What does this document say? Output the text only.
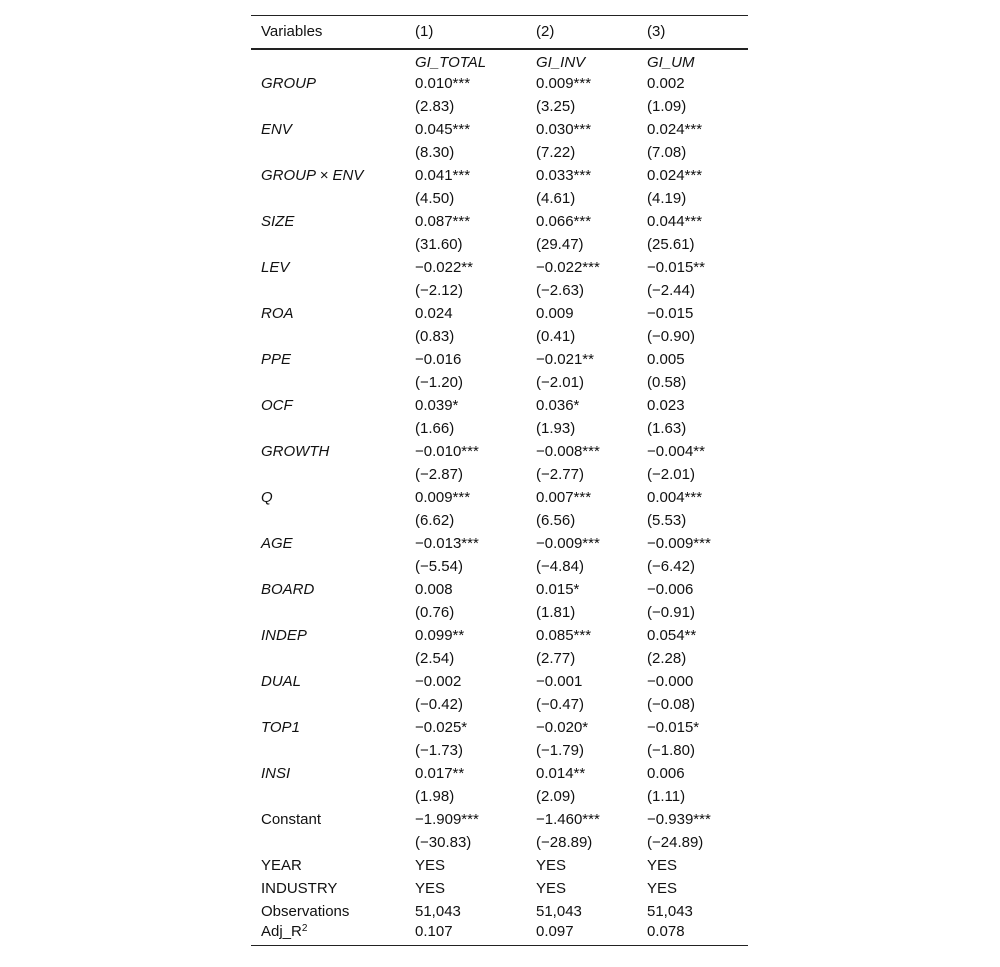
Variables	(1)	(2)	(3)
	GI_TOTAL	GI_INV	GI_UM
GROUP	0.010***	0.009***	0.002
	(2.83)	(3.25)	(1.09)
ENV	0.045***	0.030***	0.024***
	(8.30)	(7.22)	(7.08)
GROUP × ENV	0.041***	0.033***	0.024***
	(4.50)	(4.61)	(4.19)
SIZE	0.087***	0.066***	0.044***
	(31.60)	(29.47)	(25.61)
LEV	−0.022**	−0.022***	−0.015**
	(−2.12)	(−2.63)	(−2.44)
ROA	0.024	0.009	−0.015
	(0.83)	(0.41)	(−0.90)
PPE	−0.016	−0.021**	0.005
	(−1.20)	(−2.01)	(0.58)
OCF	0.039*	0.036*	0.023
	(1.66)	(1.93)	(1.63)
GROWTH	−0.010***	−0.008***	−0.004**
	(−2.87)	(−2.77)	(−2.01)
Q	0.009***	0.007***	0.004***
	(6.62)	(6.56)	(5.53)
AGE	−0.013***	−0.009***	−0.009***
	(−5.54)	(−4.84)	(−6.42)
BOARD	0.008	0.015*	−0.006
	(0.76)	(1.81)	(−0.91)
INDEP	0.099**	0.085***	0.054**
	(2.54)	(2.77)	(2.28)
DUAL	−0.002	−0.001	−0.000
	(−0.42)	(−0.47)	(−0.08)
TOP1	−0.025*	−0.020*	−0.015*
	(−1.73)	(−1.79)	(−1.80)
INSI	0.017**	0.014**	0.006
	(1.98)	(2.09)	(1.11)
Constant	−1.909***	−1.460***	−0.939***
	(−30.83)	(−28.89)	(−24.89)
YEAR	YES	YES	YES
INDUSTRY	YES	YES	YES
Observations	51,043	51,043	51,043
$Adj\_R^2$	0.107	0.097	0.078
